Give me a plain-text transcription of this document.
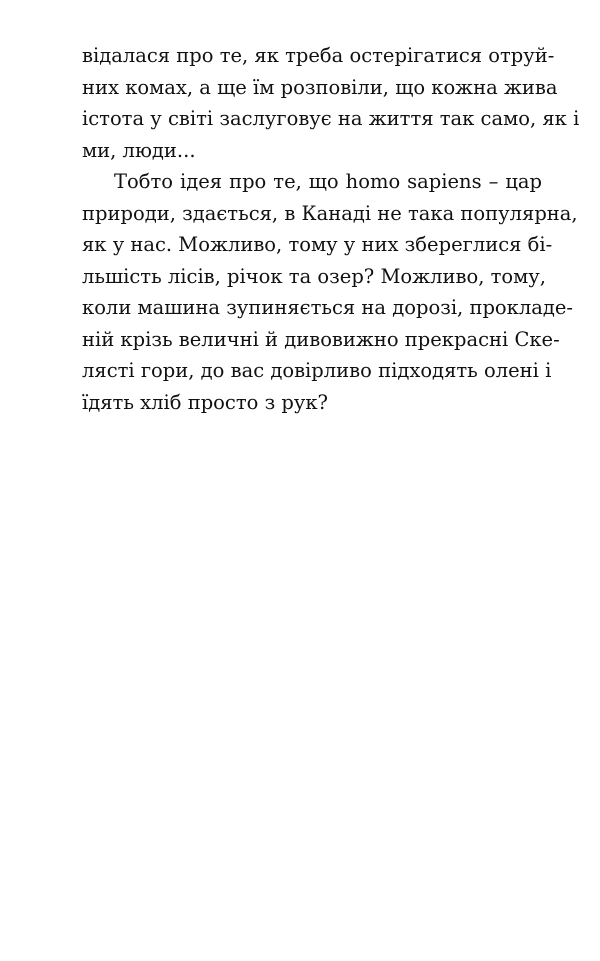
відалася про те, як треба остерігатися отруй-
них комах, а ще їм розповіли, що кожна жива
істота у світі заслуговує на життя так само, як і
ми, люди...
Тобто ідея про те, що homo sapiens – цар
природи, здається, в Канаді не така популярна,
як у нас. Можливо, тому у них збереглися бі-
льшість лісів, річок та озер? Можливо, тому,
коли машина зупиняється на дорозі, прокладе-
ній крізь величні й дивовижно прекрасні Ске-
лясті гори, до вас довірливо підходять олені і
їдять хліб просто з рук?
